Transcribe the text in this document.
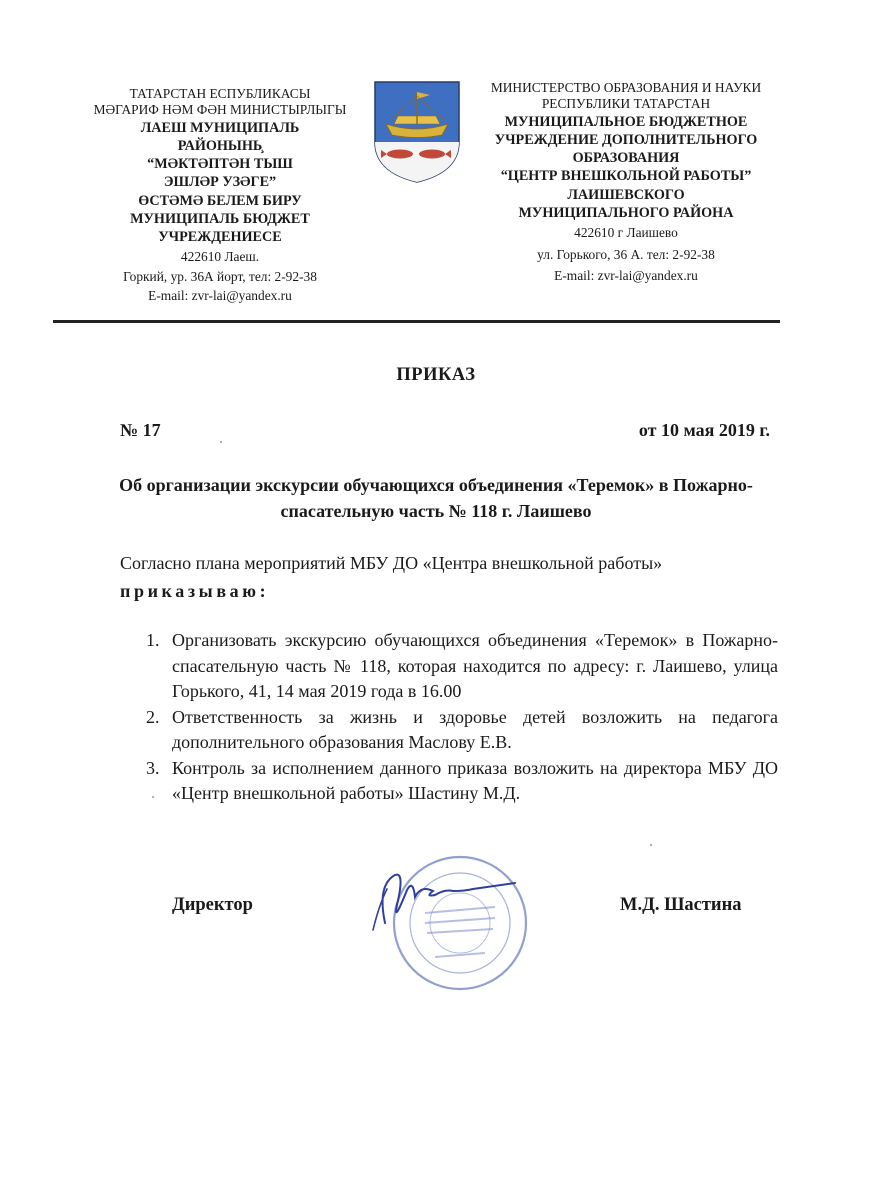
ТАТАРСТАН ЕСПУБЛИКАСЫ
МӘГАРИФ НӘМ ФӘН МИНИСТЫРЛЫГЫ
ЛАЕШ МУНИЦИПАЛЬ
РАЙОНЫНЬ̧
“МӘКТӘПТӘН ТЫШ
ЭШЛӘР УЗӘГЕ”
ӨСТӘМӘ БЕЛЕМ БИРУ
МУНИЦИПАЛЬ БЮДЖЕТ
УЧРЕЖДЕНИЕСЕ
422610 Лаеш.
Горкий, ур. 36А йорт, тел: 2-92-38
E-mail: zvr-lai@yandex.ru
МИНИСТЕРСТВО ОБРАЗОВАНИЯ И НАУКИ
РЕСПУБЛИКИ ТАТАРСТАН
МУНИЦИПАЛЬНОЕ БЮДЖЕТНОЕ
УЧРЕЖДЕНИЕ ДОПОЛНИТЕЛЬНОГО
ОБРАЗОВАНИЯ
“ЦЕНТР ВНЕШКОЛЬНОЙ РАБОТЫ”
ЛАИШЕВСКОГО
МУНИЦИПАЛЬНОГО РАЙОНА
422610 г Лаишево
ул. Горького, 36 А. тел: 2-92-38
E-mail: zvr-lai@yandex.ru
ПРИКАЗ
№ 17	от 10 мая 2019 г.
Об организации экскурсии обучающихся объединения «Теремок» в Пожарно-спасательную часть № 118 г. Лаишево
Согласно плана мероприятий МБУ ДО «Центра внешкольной работы»
приказываю:
1. Организовать экскурсию обучающихся объединения «Теремок» в Пожарно-спасательную часть № 118, которая находится по адресу: г. Лаишево, улица Горького, 41, 14 мая 2019 года в 16.00
2. Ответственность за жизнь и здоровье детей возложить на педагога дополнительного образования Маслову Е.В.
3. Контроль за исполнением данного приказа возложить на директора МБУ ДО «Центр внешкольной работы» Шастину М.Д.
Директор	М.Д. Шастина
